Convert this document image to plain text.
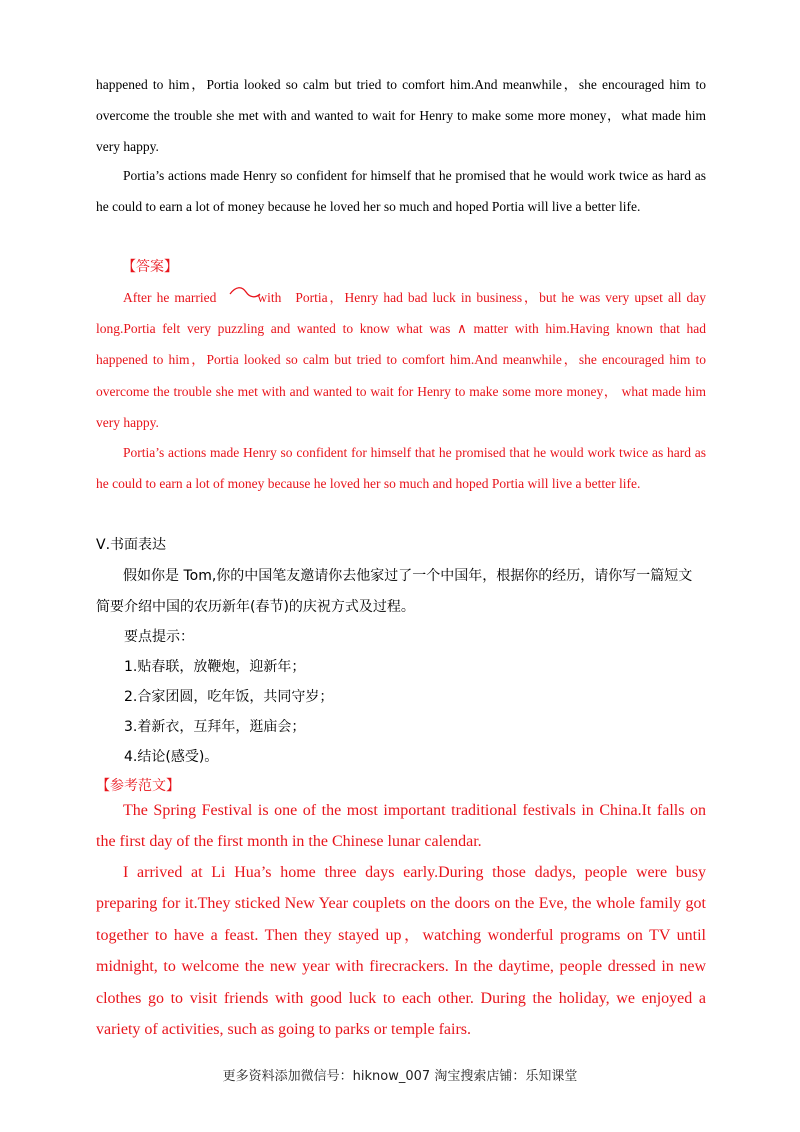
happened to him，Portia looked so calm but tried to comfort him.And meanwhile，she encouraged him to overcome the trouble she met with and wanted to wait for Henry to make some more money，what made him very happy.

Portia’s actions made Henry so confident for himself that he promised that he would work twice as hard as he could to earn a lot of money because he loved her so much and hoped Portia will live a better life.

【答案】

After he married	with Portia，Henry had bad luck in business，but he was very upset all day long.Portia felt very puzzling and wanted to know what was ∧ matter with him.Having known that had happened to him，Portia looked so calm but tried to comfort him.And meanwhile，she encouraged him to overcome the trouble she met with and wanted to wait for Henry to make some more money， what made him very happy.

Portia’s actions made Henry so confident for himself that he promised that he would work twice as hard as he could to earn a lot of money because he loved her so much and hoped Portia will live a better life.

Ⅴ.书面表达

假如你是 Tom,你的中国笔友邀请你去他家过了一个中国年，根据你的经历，请你写一篇短文简要介绍中国的农历新年(春节)的庆祝方式及过程。

要点提示：
1.贴春联，放鞭炮，迎新年；
2.合家团圆，吃年饭，共同守岁；
3.着新衣，互拜年，逛庙会；
4.结论(感受)。
【参考范文】

The Spring Festival is one of the most important traditional festivals in China.It falls on the first day of the first month in the Chinese lunar calendar.

I arrived at Li Hua’s home three days early.During those dadys, people were busy preparing for it.They sticked New Year couplets on the doors on the Eve, the whole family got together to have a feast. Then they stayed up，watching wonderful programs on TV until midnight, to welcome the new year with firecrackers. In the daytime, people dressed in new clothes go to visit friends with good luck to each other. During the holiday, we enjoyed a variety of activities, such as going to parks or temple fairs.

更多资料添加微信号：hiknow_007 淘宝搜索店铺：乐知课堂
